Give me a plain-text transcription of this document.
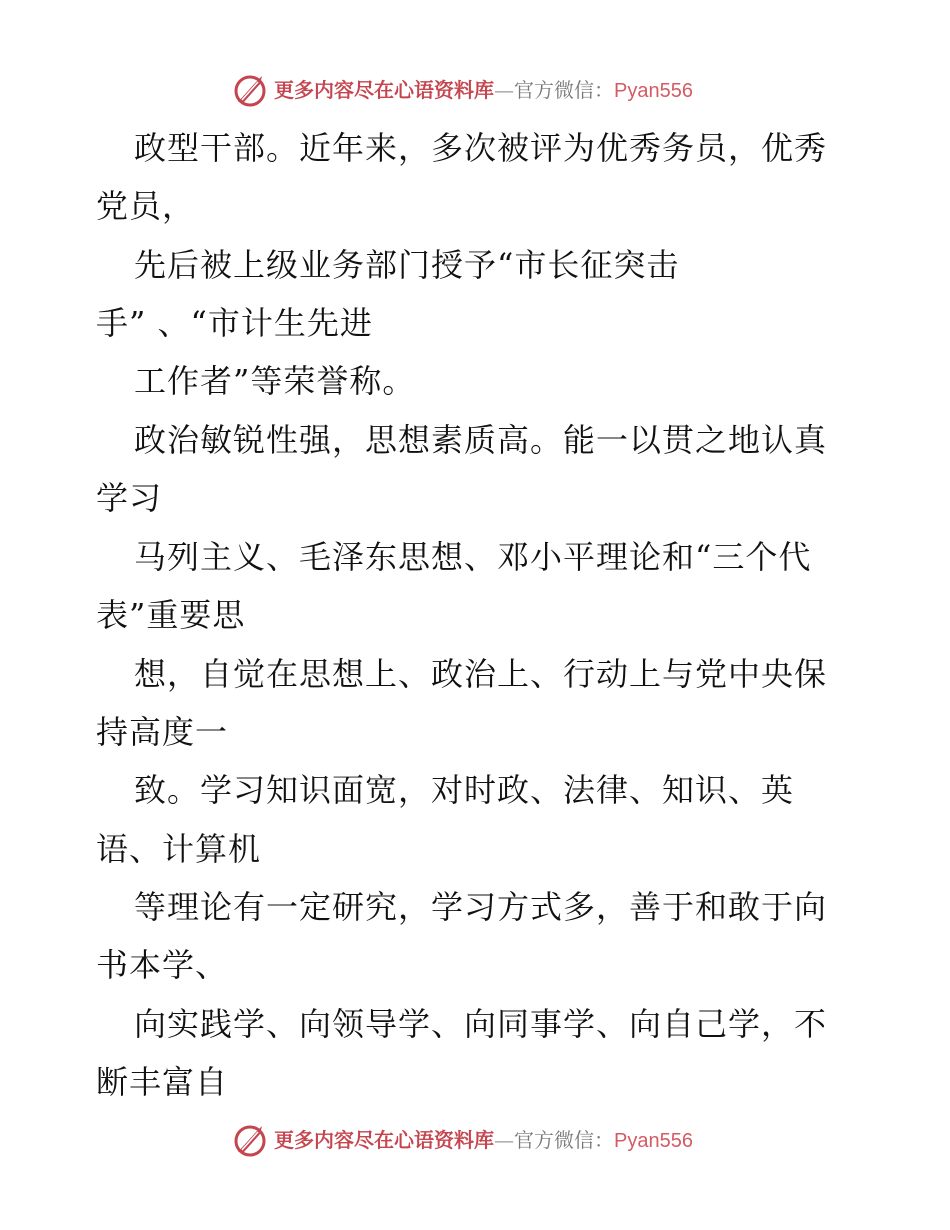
更多内容尽在心语资料库—官方微信：Pyan556
政型干部。近年来，多次被评为优秀务员，优秀
党员，
先后被上级业务部门授予“市长征突击
手” 、“市计生先进
工作者”等荣誉称。
政治敏锐性强，思想素质高。能一以贯之地认真
学习
马列主义、毛泽东思想、邓小平理论和“三个代
表”重要思
想，自觉在思想上、政治上、行动上与党中央保
持高度一
致。学习知识面宽，对时政、法律、知识、英
语、计算机
等理论有一定研究，学习方式多，善于和敢于向
书本学、
向实践学、向领导学、向同事学、向自己学，不
断丰富自
更多内容尽在心语资料库—官方微信：Pyan556
